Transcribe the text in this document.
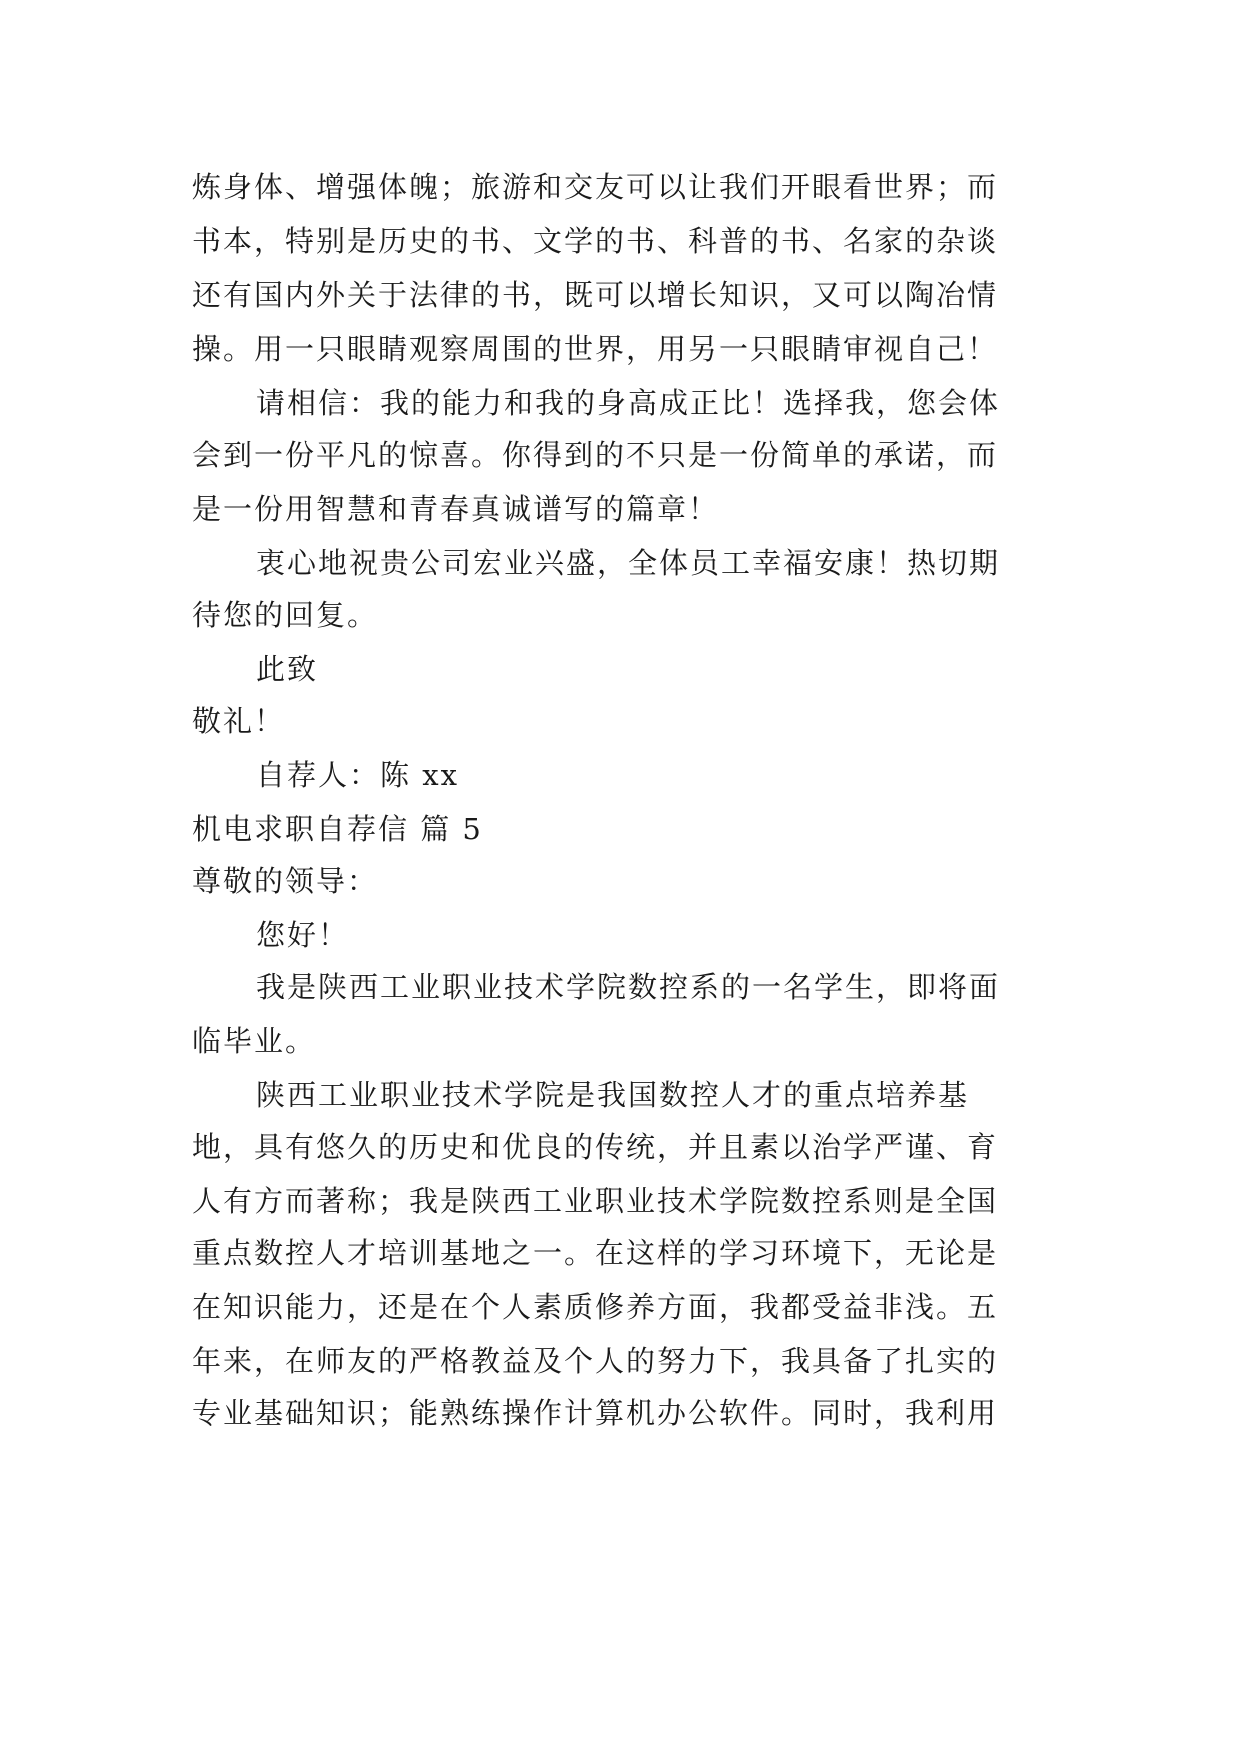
炼身体、增强体魄；旅游和交友可以让我们开眼看世界；而
书本，特别是历史的书、文学的书、科普的书、名家的杂谈
还有国内外关于法律的书，既可以增长知识，又可以陶冶情
操。用一只眼睛观察周围的世界，用另一只眼睛审视自己！
请相信：我的能力和我的身高成正比！选择我，您会体
会到一份平凡的惊喜。你得到的不只是一份简单的承诺，而
是一份用智慧和青春真诚谱写的篇章！
衷心地祝贵公司宏业兴盛，全体员工幸福安康！热切期
待您的回复。
此致
敬礼！
自荐人：陈 xx
机电求职自荐信 篇 5
尊敬的领导：
您好！
我是陕西工业职业技术学院数控系的一名学生，即将面
临毕业。
陕西工业职业技术学院是我国数控人才的重点培养基
地，具有悠久的历史和优良的传统，并且素以治学严谨、育
人有方而著称；我是陕西工业职业技术学院数控系则是全国
重点数控人才培训基地之一。在这样的学习环境下，无论是
在知识能力，还是在个人素质修养方面，我都受益非浅。五
年来，在师友的严格教益及个人的努力下，我具备了扎实的
专业基础知识；能熟练操作计算机办公软件。同时，我利用
